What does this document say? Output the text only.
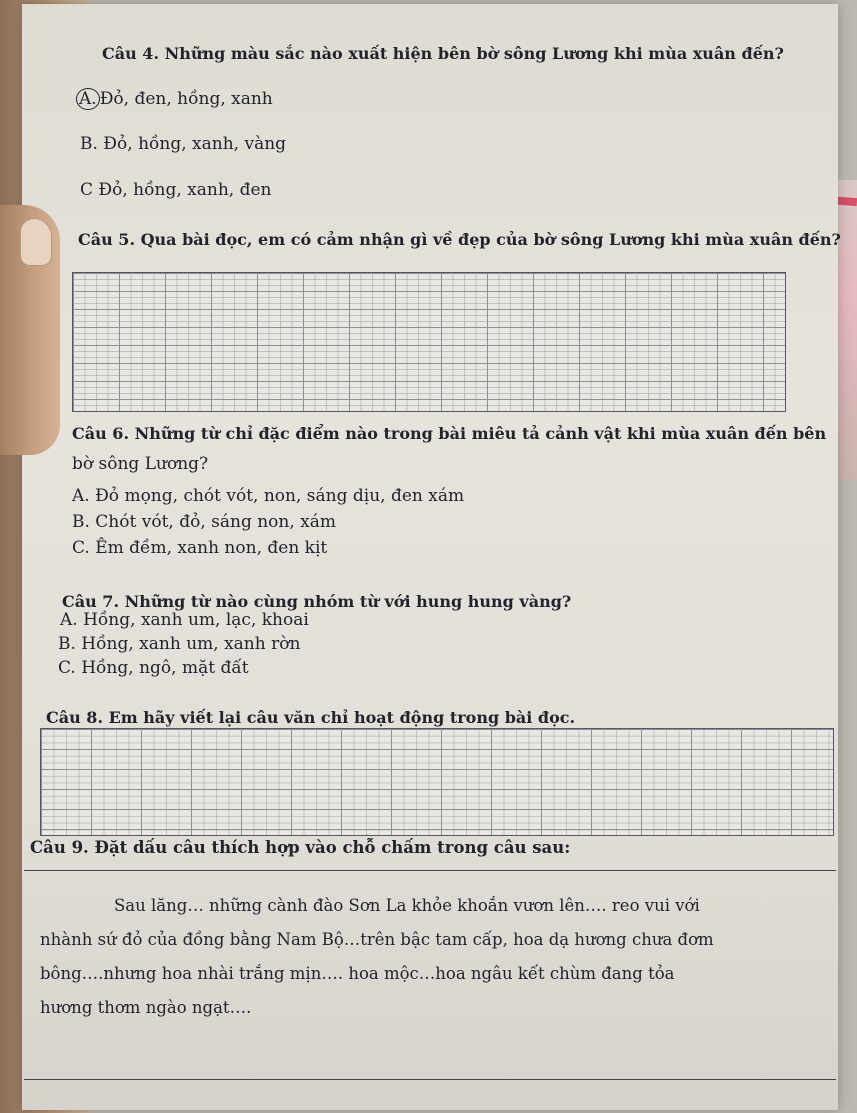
Câu 4. Những màu sắc nào xuất hiện bên bờ sông Lương khi mùa xuân đến?
A. Đỏ, đen, hồng, xanh
B. Đỏ, hồng, xanh, vàng
C Đỏ, hồng, xanh, đen
Câu 5. Qua bài đọc, em có cảm nhận gì về đẹp của bờ sông Lương khi mùa xuân đến?
Câu 6. Những từ chỉ đặc điểm nào trong bài miêu tả cảnh vật khi mùa xuân đến bên
bờ sông Lương?
A. Đỏ mọng, chót vót, non, sáng dịu, đen xám
B. Chót vót, đỏ, sáng non, xám
C. Êm đềm, xanh non, đen kịt
Câu 7. Những từ nào cùng nhóm từ với hung hung vàng?
A. Hồng, xanh um, lạc, khoai
B. Hồng, xanh um, xanh rờn
C. Hồng, ngô, mặt đất
Câu 8. Em hãy viết lại câu văn chỉ hoạt động trong bài đọc.
Câu 9. Đặt dấu câu thích hợp vào chỗ chấm trong câu sau:
Sau lăng… những cành đào Sơn La khỏe khoắn vươn lên…. reo vui với
nhành sứ đỏ của đồng bằng Nam Bộ…trên bậc tam cấp, hoa dạ hương chưa đơm
bông….nhưng hoa nhài trắng mịn…. hoa mộc…hoa ngâu kết chùm đang tỏa
hương thơm ngào ngạt….
